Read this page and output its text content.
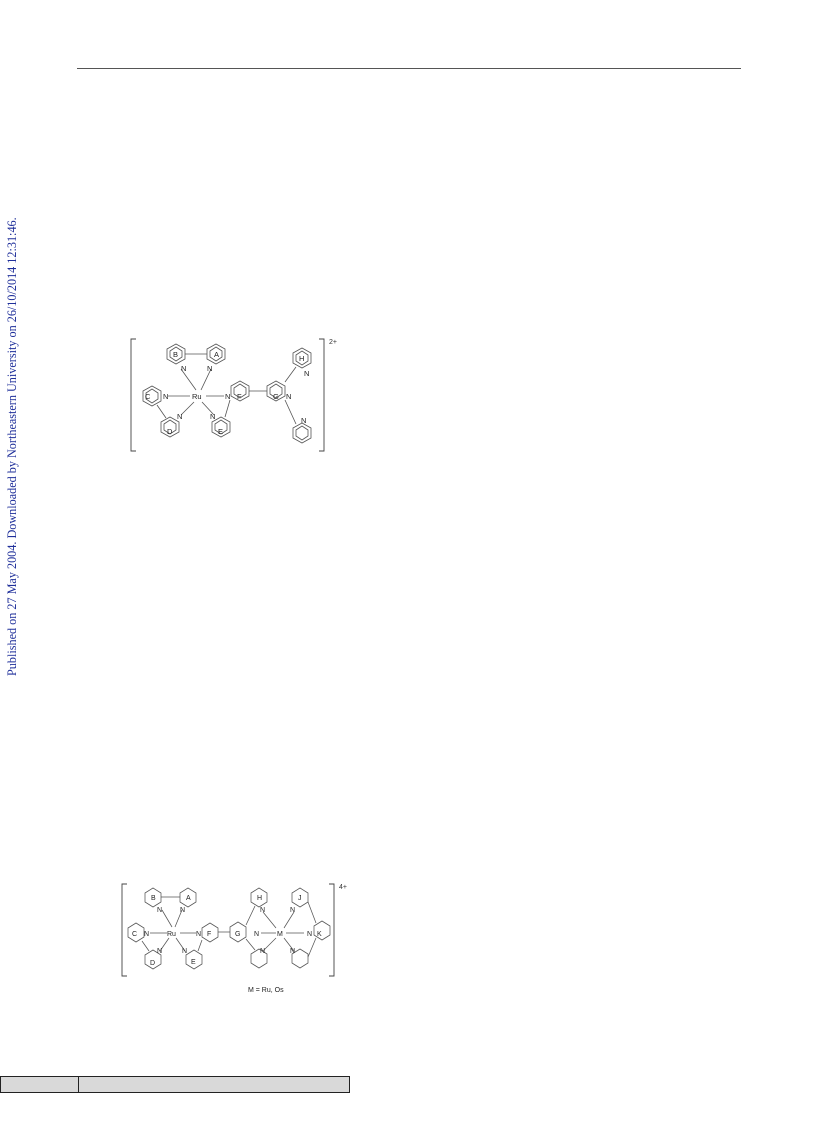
Published on 27 May 2004. Downloaded by Northeastern University on 26/10/2014 12:31:46.	2+
B	A
C
D	E
F	G
H
Ru
N	N
N
N	N
N	N
N
N
4+
B	A
C
D	E
F	G
H	J
K
Ru	M
N	N
N
N	N
N	N
N
N
N
N
N
M = Ru, Os
